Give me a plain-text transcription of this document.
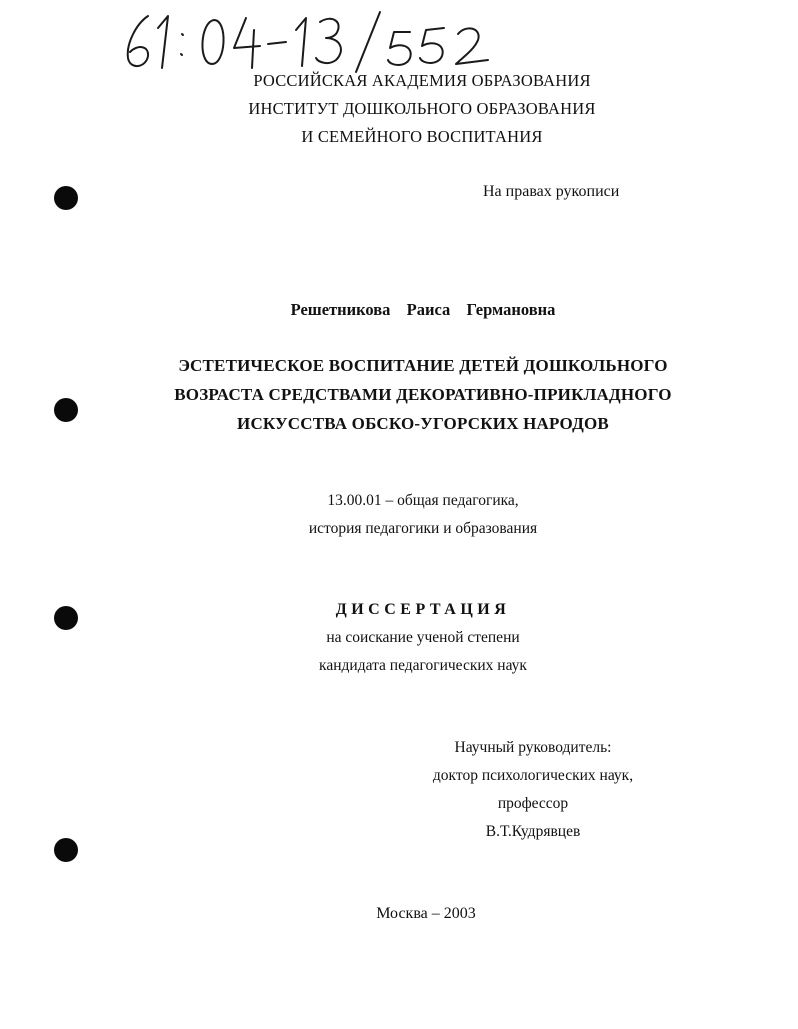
РОССИЙСКАЯ АКАДЕМИЯ ОБРАЗОВАНИЯ
ИНСТИТУТ ДОШКОЛЬНОГО ОБРАЗОВАНИЯ
И СЕМЕЙНОГО ВОСПИТАНИЯ
На правах рукописи
Решетникова  Раиса  Германовна
ЭСТЕТИЧЕСКОЕ ВОСПИТАНИЕ ДЕТЕЙ ДОШКОЛЬНОГО
ВОЗРАСТА СРЕДСТВАМИ ДЕКОРАТИВНО-ПРИКЛАДНОГО
ИСКУССТВА ОБСКО-УГОРСКИХ НАРОДОВ
13.00.01 – общая педагогика,
история педагогики и образования
ДИССЕРТАЦИЯ
на соискание ученой степени
кандидата педагогических наук
Научный руководитель:
доктор психологических наук,
профессор
В.Т.Кудрявцев
Москва – 2003
